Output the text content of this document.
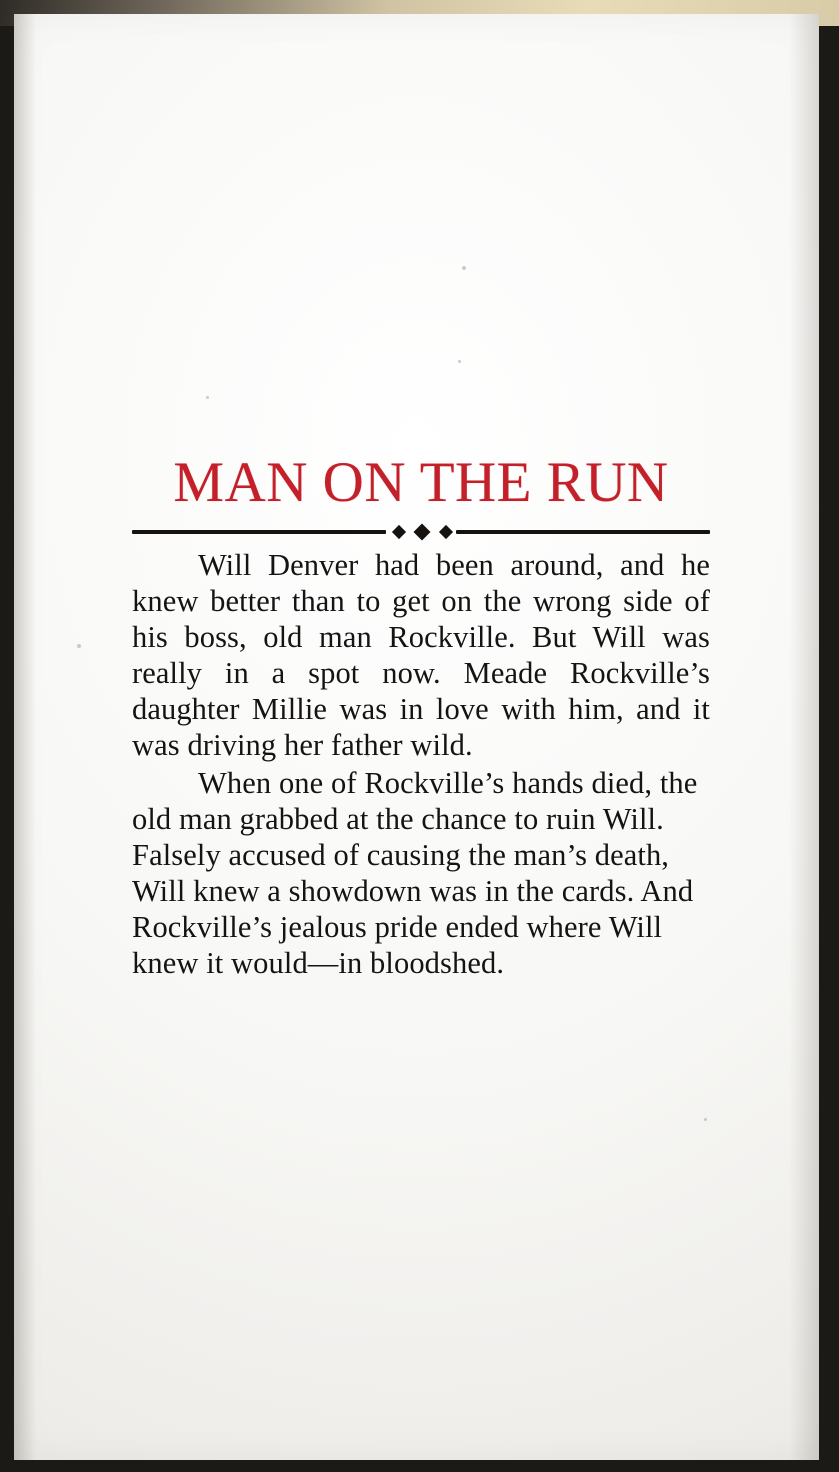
MAN ON THE RUN

Will Denver had been around, and he knew better than to get on the wrong side of his boss, old man Rockville. But Will was really in a spot now. Meade Rockville’s daughter Millie was in love with him, and it was driving her father wild.

When one of Rockville’s hands died, the old man grabbed at the chance to ruin Will. Falsely accused of causing the man’s death, Will knew a showdown was in the cards. And Rockville’s jealous pride ended where Will knew it would—in bloodshed.
